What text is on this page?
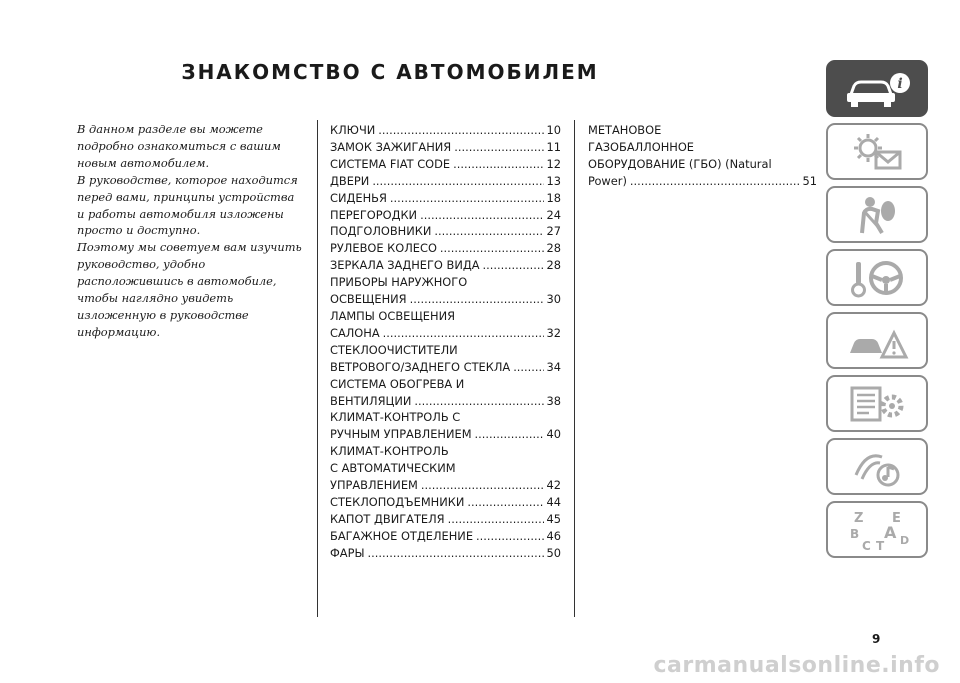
ЗНАКОМСТВО С АВТОМОБИЛЕМ

В данном разделе вы можете подробно ознакомиться с вашим новым автомобилем.

В руководстве, которое находится перед вами, принципы устройства и работы автомобиля изложены просто и доступно.

Поэтому мы советуем вам изучить руководство, удобно расположившись в автомобиле, чтобы наглядно увидеть изложенную в руководстве информацию.

КЛЮЧИ .....	10
ЗАМОК ЗАЖИГАНИЯ .....	11
СИСТЕМА FIAT CODE .....	12
ДВЕРИ .....	13
СИДЕНЬЯ .....	18
ПЕРЕГОРОДКИ .....	24
ПОДГОЛОВНИКИ .....	27
РУЛЕВОЕ КОЛЕСО .....	28
ЗЕРКАЛА ЗАДНЕГО ВИДА .....	28
ПРИБОРЫ НАРУЖНОГО
ОСВЕЩЕНИЯ .....	30
ЛАМПЫ ОСВЕЩЕНИЯ
САЛОНА .....	32
СТЕКЛООЧИСТИТЕЛИ
ВЕТРОВОГО/ЗАДНЕГО СТЕКЛА .....	34
СИСТЕМА ОБОГРЕВА И
ВЕНТИЛЯЦИИ .....	38
КЛИМАТ-КОНТРОЛЬ С
РУЧНЫМ УПРАВЛЕНИЕМ .....	40
КЛИМАТ-КОНТРОЛЬ
С АВТОМАТИЧЕСКИМ
УПРАВЛЕНИЕМ .....	42
СТЕКЛОПОДЪЕМНИКИ .....	44
КАПОТ ДВИГАТЕЛЯ .....	45
БАГАЖНОЕ ОТДЕЛЕНИЕ .....	46
ФАРЫ .....	50
МЕТАНОВОЕ
ГАЗОБАЛЛОННОЕ
ОБОРУДОВАНИЕ (ГБО) (Natural
Power) .....	51
i
Z E
B A D
C T
9
carmanualsonline.info
